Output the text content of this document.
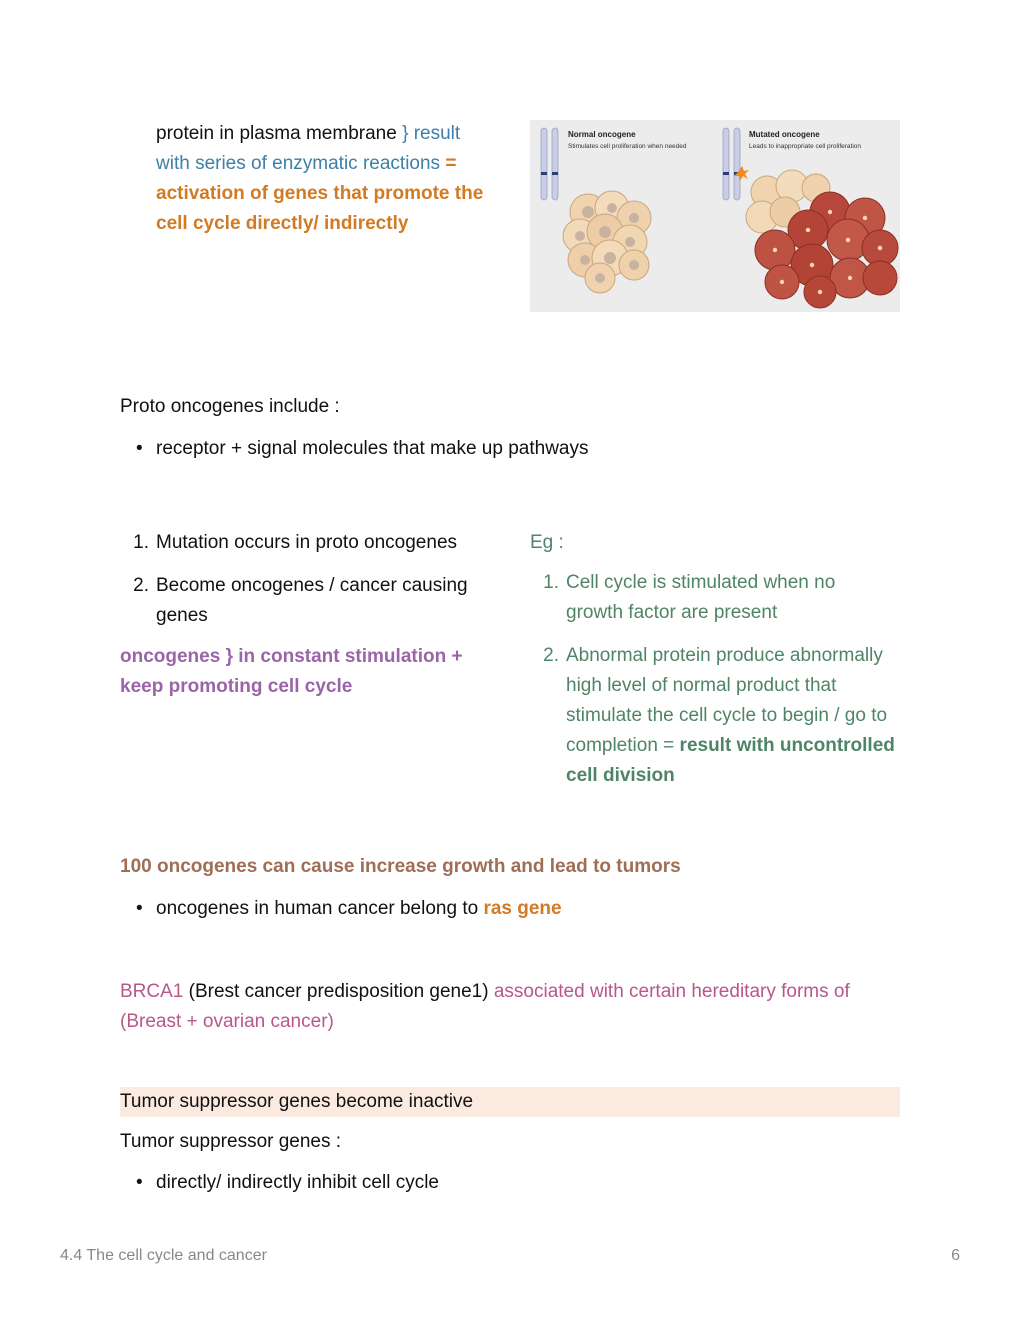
protein in plasma membrane } result with series of enzymatic reactions = activation of genes that promote the cell cycle directly/ indirectly
Normal oncogene
Stimulates cell proliferation when needed
Mutated oncogene
Leads to inappropriate cell proliferation
Proto oncogenes include :
• receptor + signal molecules that make up pathways
1. Mutation occurs in proto oncogenes
2. Become oncogenes / cancer causing genes
oncogenes } in constant stimulation + keep promoting cell cycle
Eg :
1. Cell cycle is stimulated when no growth factor are present
2. Abnormal protein produce abnormally high level of normal product that stimulate the cell cycle to begin / go to completion = result with uncontrolled cell division
100 oncogenes can cause increase growth and lead to tumors
• oncogenes in human cancer belong to ras gene
BRCA1 (Brest cancer predisposition gene1) associated with certain hereditary forms of (Breast + ovarian cancer)
Tumor suppressor genes become inactive
Tumor suppressor genes :
• directly/ indirectly inhibit cell cycle
4.4 The cell cycle and cancer	6
